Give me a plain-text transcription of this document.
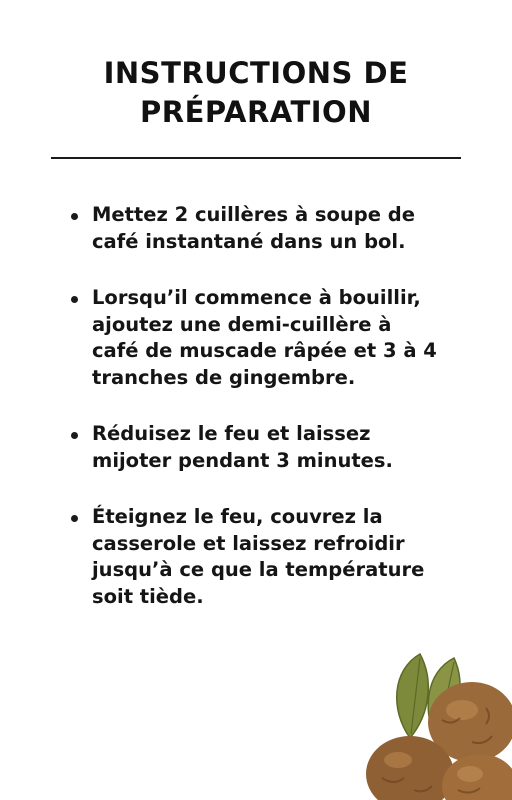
INSTRUCTIONS DE
PRÉPARATION
Mettez 2 cuillères à soupe de
café instantané dans un bol.
Lorsqu’il commence à bouillir,
ajoutez une demi-cuillère à
café de muscade râpée et 3 à 4
tranches de gingembre.
Réduisez le feu et laissez
mijoter pendant 3 minutes.
Éteignez le feu, couvrez la
casserole et laissez refroidir
jusqu’à ce que la température
soit tiède.
